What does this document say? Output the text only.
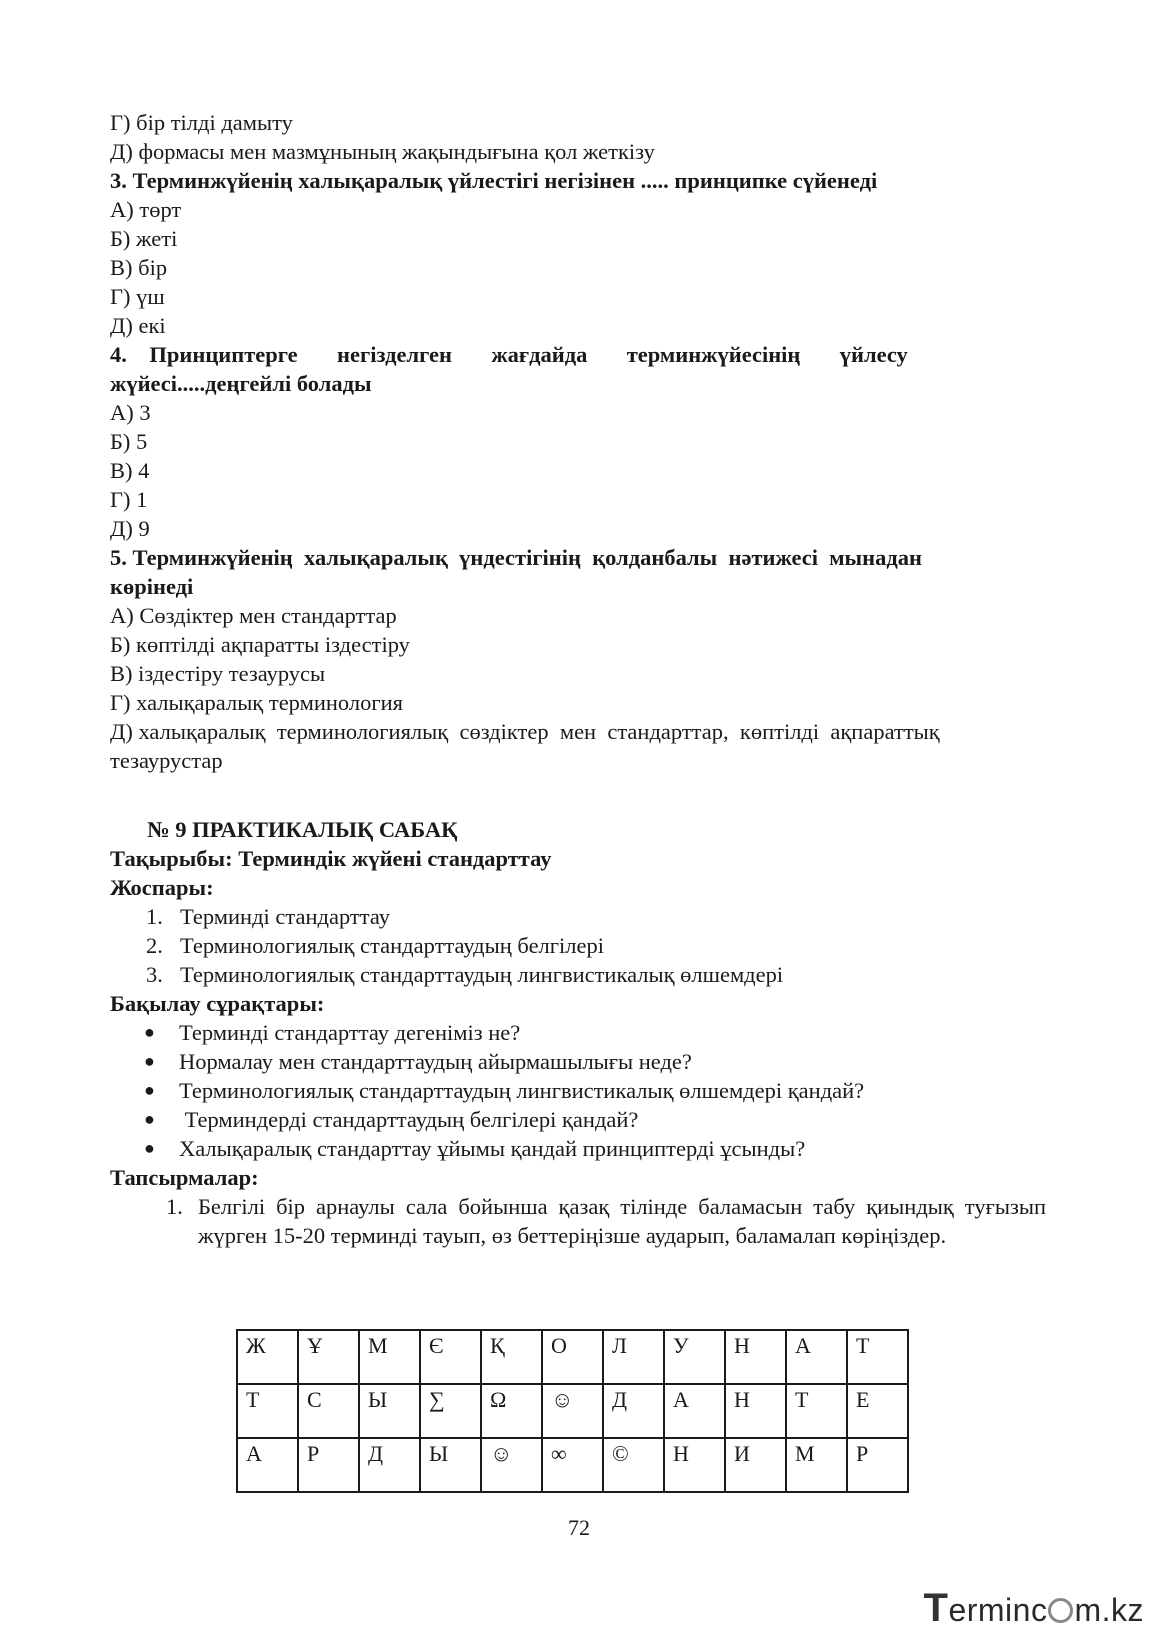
Г) бір тілді дамыту
Д) формасы мен мазмұнының жақындығына қол жеткізу
3. Терминжүйенің халықаралық үйлестігі негізінен ..... принципке сүйенеді
А) төрт
Б) жеті
В) бір
Г) үш
Д) екі
4.    Принциптерге       негізделген       жағдайда       терминжүйесінің       үйлесу
жүйесі.....деңгейлі болады
А) 3
Б) 5
В) 4
Г) 1
Д) 9
5. Терминжүйенің  халықаралық  үндестігінің  қолданбалы  нәтижесі  мынадан
көрінеді
А) Сөздіктер мен стандарттар
Б) көптілді ақпаратты іздестіру
В) іздестіру тезаурусы
Г) халықаралық терминология
Д) халықаралық  терминологиялық  сөздіктер  мен  стандарттар,  көптілді  ақпараттық
тезаурустар
№ 9 ПРАКТИКАЛЫҚ САБАҚ
Тақырыбы: Терминдік жүйені стандарттау
Жоспары:
1. Терминді стандарттау
2. Терминологиялық стандарттаудың белгілері
3. Терминологиялық стандарттаудың лингвистикалық өлшемдері
Бақылау сұрақтары:
●	Терминді стандарттау дегеніміз не?
●	Нормалау мен стандарттаудың айырмашылығы неде?
●	Терминологиялық стандарттаудың лингвистикалық өлшемдері қандай?
●	Терминдерді стандарттаудың белгілері қандай?
●	Халықаралық стандарттау ұйымы қандай принциптерді ұсынды?
Тапсырмалар:
1. Белгілі бір арнаулы сала бойынша қазақ тілінде баламасын табу қиындық туғызып жүрген 15-20 терминді тауып, өз беттеріңізше аударып, баламалап көріңіздер.
Ж	Ұ	М	Є	Қ	О	Л	У	Н	А	Т
Т	С	Ы	∑	Ω	☺	Д	А	Н	Т	Е
А	Р	Д	Ы	☺	∞	©	Н	И	М	Р
72
Terminc m.kz
